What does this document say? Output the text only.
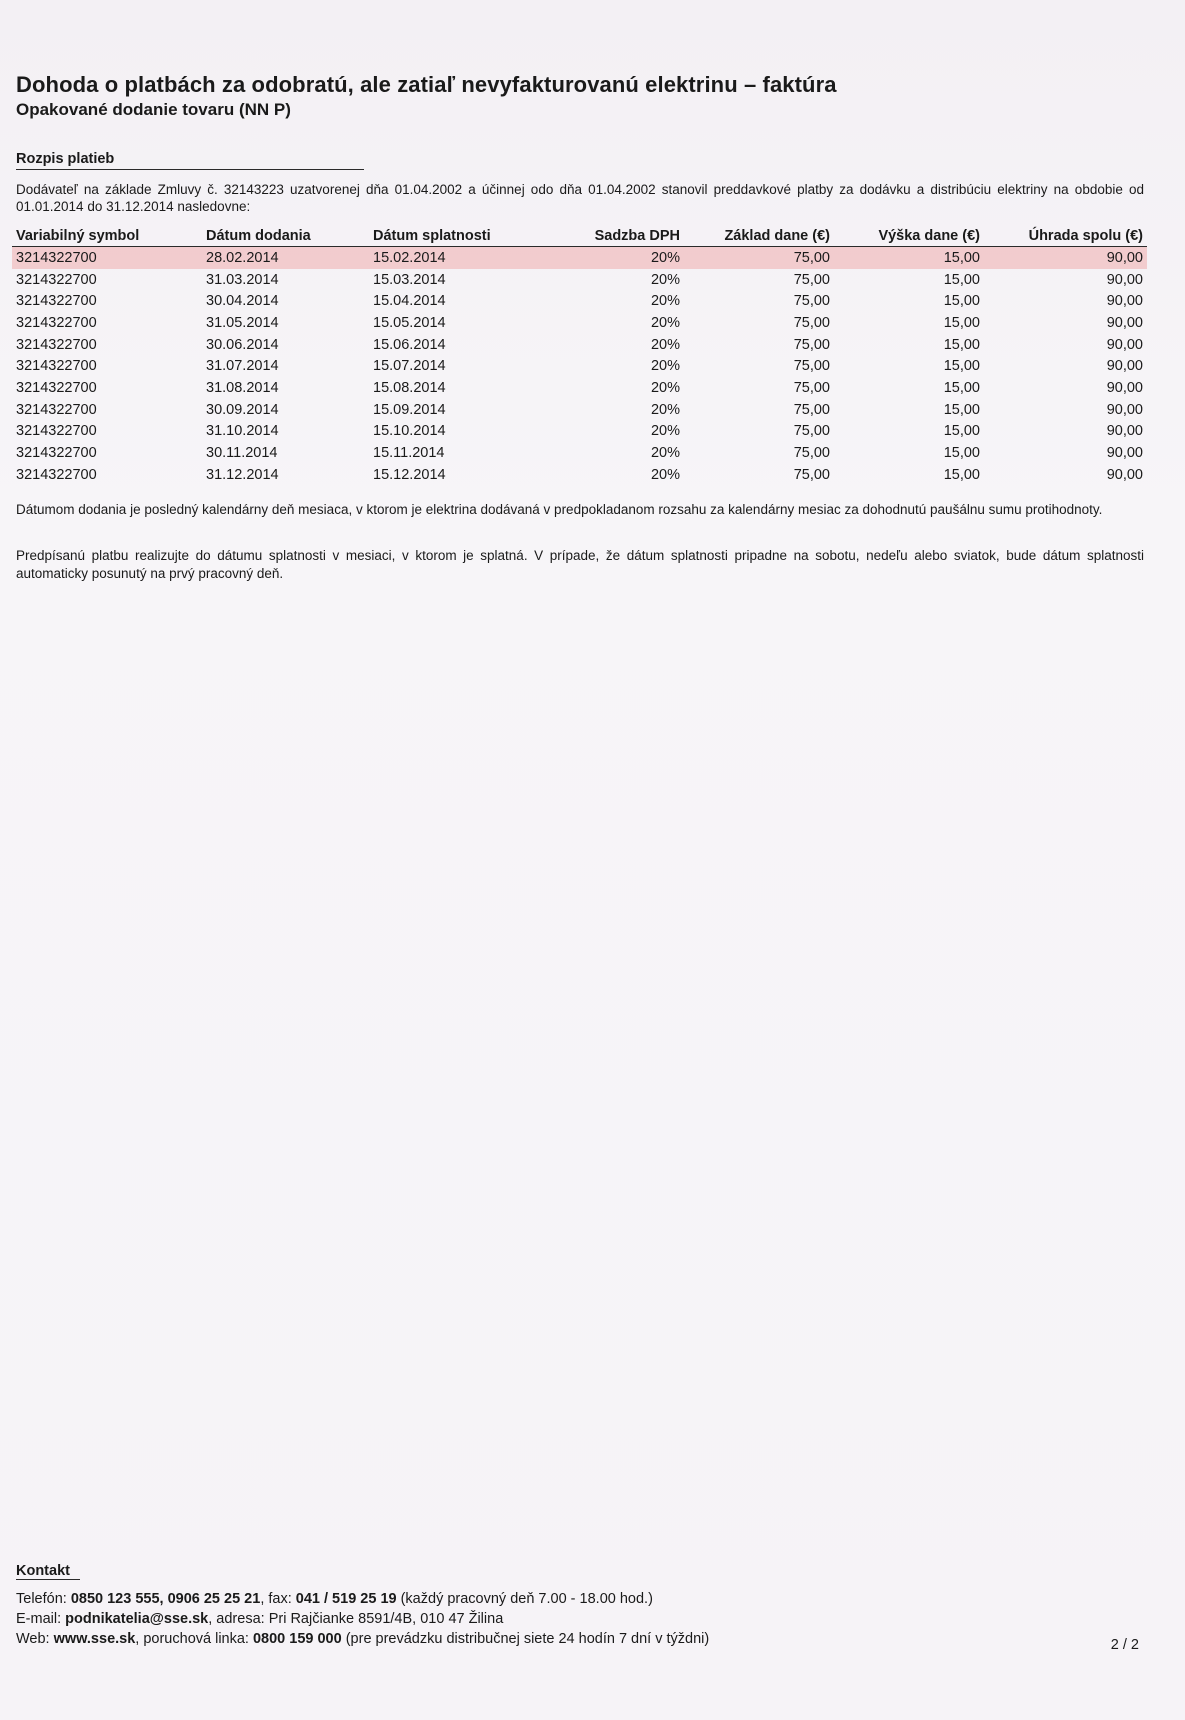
Dohoda o platbách za odobratú, ale zatiaľ nevyfakturovanú elektrinu – faktúra
Opakované dodanie tovaru (NN P)
Rozpis platieb
Dodávateľ na základe Zmluvy č. 32143223 uzatvorenej dňa 01.04.2002 a účinnej odo dňa 01.04.2002 stanovil preddavkové platby za dodávku a distribúciu elektriny na obdobie od 01.01.2014 do 31.12.2014 nasledovne:
Variabilný symbol	Dátum dodania	Dátum splatnosti	Sadzba DPH	Základ dane (€)	Výška dane (€)	Úhrada spolu (€)
3214322700	28.02.2014	15.02.2014	20%	75,00	15,00	90,00
3214322700	31.03.2014	15.03.2014	20%	75,00	15,00	90,00
3214322700	30.04.2014	15.04.2014	20%	75,00	15,00	90,00
3214322700	31.05.2014	15.05.2014	20%	75,00	15,00	90,00
3214322700	30.06.2014	15.06.2014	20%	75,00	15,00	90,00
3214322700	31.07.2014	15.07.2014	20%	75,00	15,00	90,00
3214322700	31.08.2014	15.08.2014	20%	75,00	15,00	90,00
3214322700	30.09.2014	15.09.2014	20%	75,00	15,00	90,00
3214322700	31.10.2014	15.10.2014	20%	75,00	15,00	90,00
3214322700	30.11.2014	15.11.2014	20%	75,00	15,00	90,00
3214322700	31.12.2014	15.12.2014	20%	75,00	15,00	90,00
Dátumom dodania je posledný kalendárny deň mesiaca, v ktorom je elektrina dodávaná v predpokladanom rozsahu za kalendárny mesiac za dohodnutú paušálnu sumu protihodnoty.
Predpísanú platbu realizujte do dátumu splatnosti v mesiaci, v ktorom je splatná. V prípade, že dátum splatnosti pripadne na sobotu, nedeľu alebo sviatok, bude dátum splatnosti automaticky posunutý na prvý pracovný deň.
Kontakt
Telefón: 0850 123 555, 0906 25 25 21, fax: 041 / 519 25 19 (každý pracovný deň 7.00 - 18.00 hod.)
E-mail: podnikatelia@sse.sk, adresa: Pri Rajčianke 8591/4B, 010 47 Žilina
Web: www.sse.sk, poruchová linka: 0800 159 000 (pre prevádzku distribučnej siete 24 hodín 7 dní v týždni)	2 / 2
